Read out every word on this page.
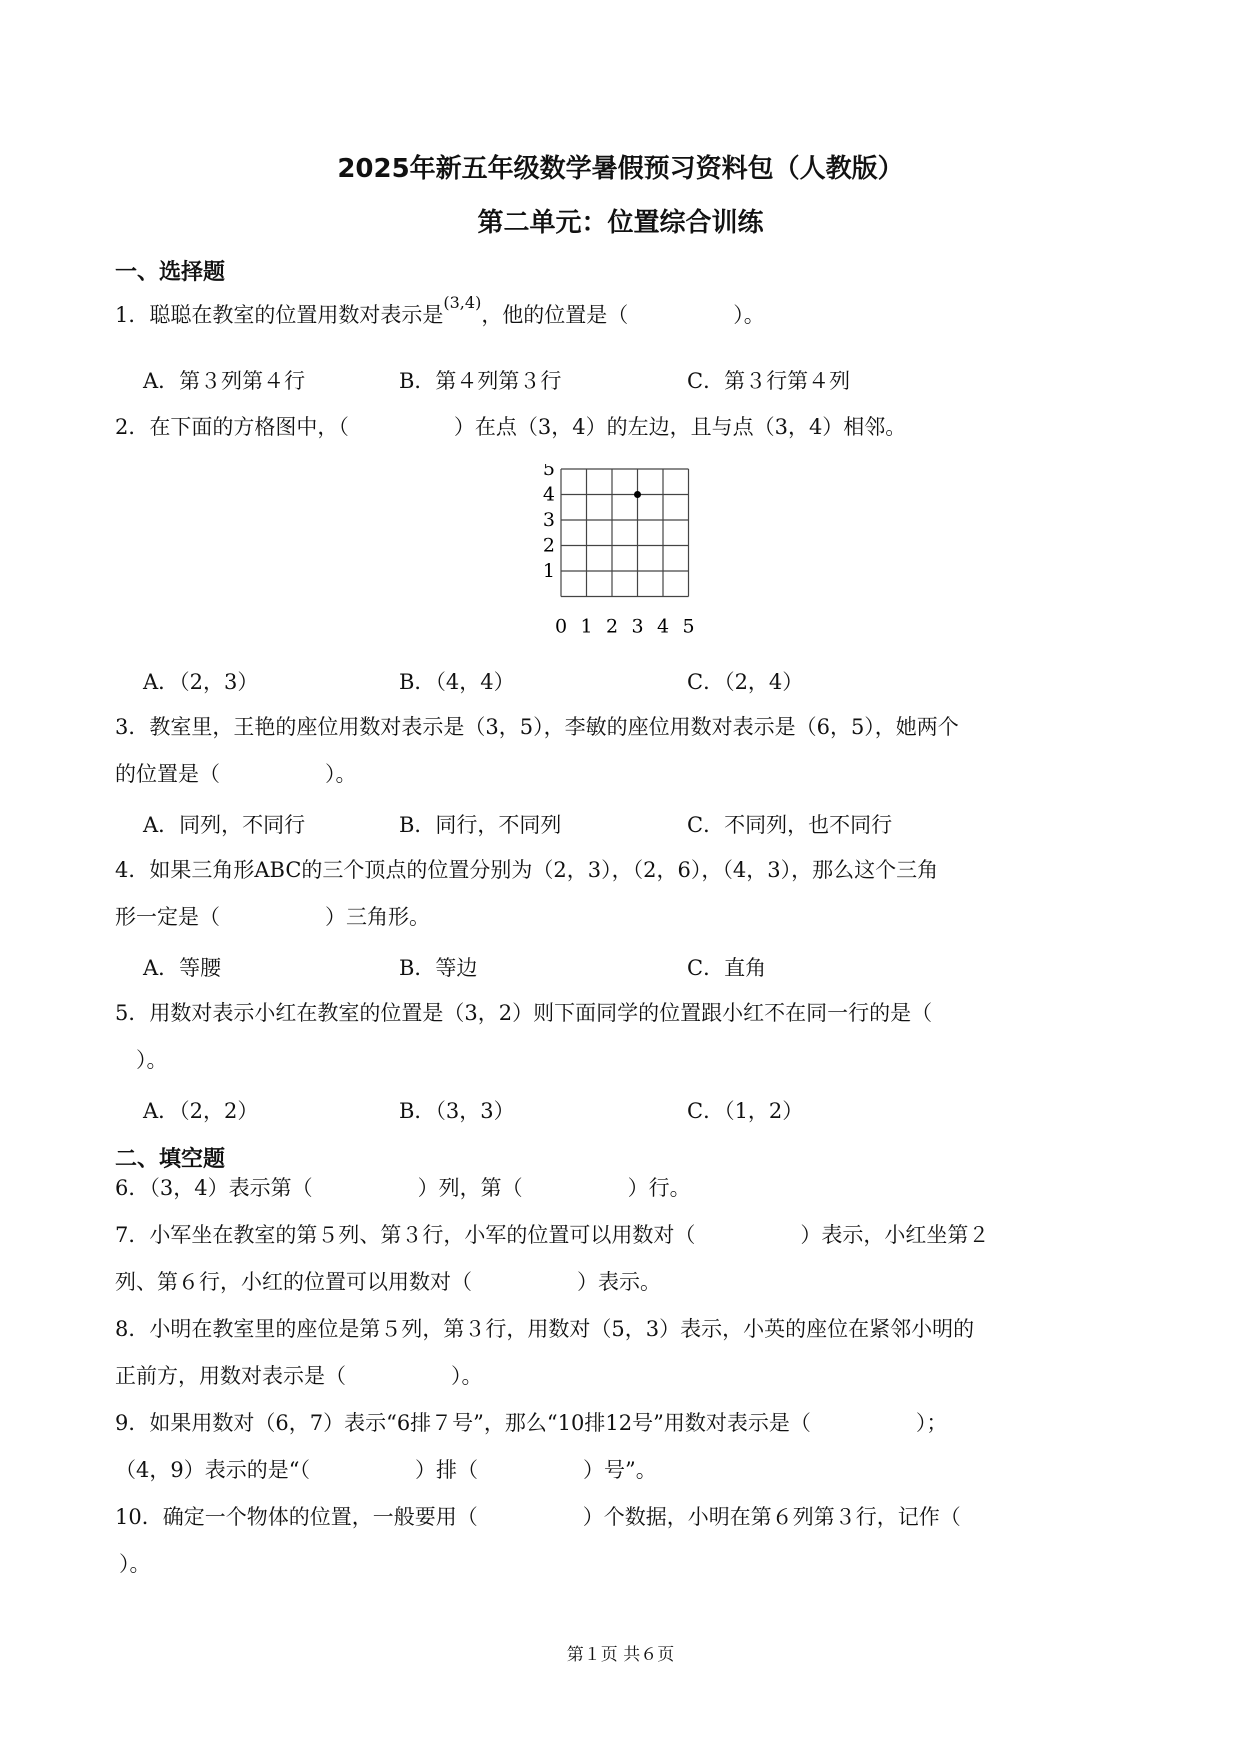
2025年新五年级数学暑假预习资料包（人教版）
第二单元：位置综合训练
一、选择题
1．聪聪在教室的位置用数对表示是$^{(3,4)}$，他的位置是（　　　　　）。
A．第３列第４行	B．第４列第３行	C．第３行第４列
2．在下面的方格图中，（　　　　　）在点（3，4）的左边，且与点（3，4）相邻。
5
4
3
2
1
0 1 2 3 4 5
A．（2，3）	B．（4，4）	C．（2，4）
3．教室里，王艳的座位用数对表示是（3，5），李敏的座位用数对表示是（6，5），她两个
的位置是（　　　　　）。
A．同列，不同行	B．同行，不同列	C．不同列，也不同行
4．如果三角形ABC的三个顶点的位置分别为（2，3），（2，6），（4，3），那么这个三角
形一定是（　　　　　）三角形。
A．等腰	B．等边	C．直角
5．用数对表示小红在教室的位置是（3，2）则下面同学的位置跟小红不在同一行的是（
　）。
A．（2，2）	B．（3，3）	C．（1，2）
二、填空题
6．（3，4）表示第（　　　　　）列，第（　　　　　）行。
7．小军坐在教室的第５列、第３行，小军的位置可以用数对（　　　　　）表示，小红坐第２
列、第６行，小红的位置可以用数对（　　　　　）表示。
8．小明在教室里的座位是第５列，第３行，用数对（5，3）表示，小英的座位在紧邻小明的
正前方，用数对表示是（　　　　　）。
9．如果用数对（6，7）表示“6排７号”，那么“10排12号”用数对表示是（　　　　　）；
（4，9）表示的是“（　　　　　）排（　　　　　）号”。
10．确定一个物体的位置，一般要用（　　　　　）个数据，小明在第６列第３行，记作（
）。
第１页 共６页
